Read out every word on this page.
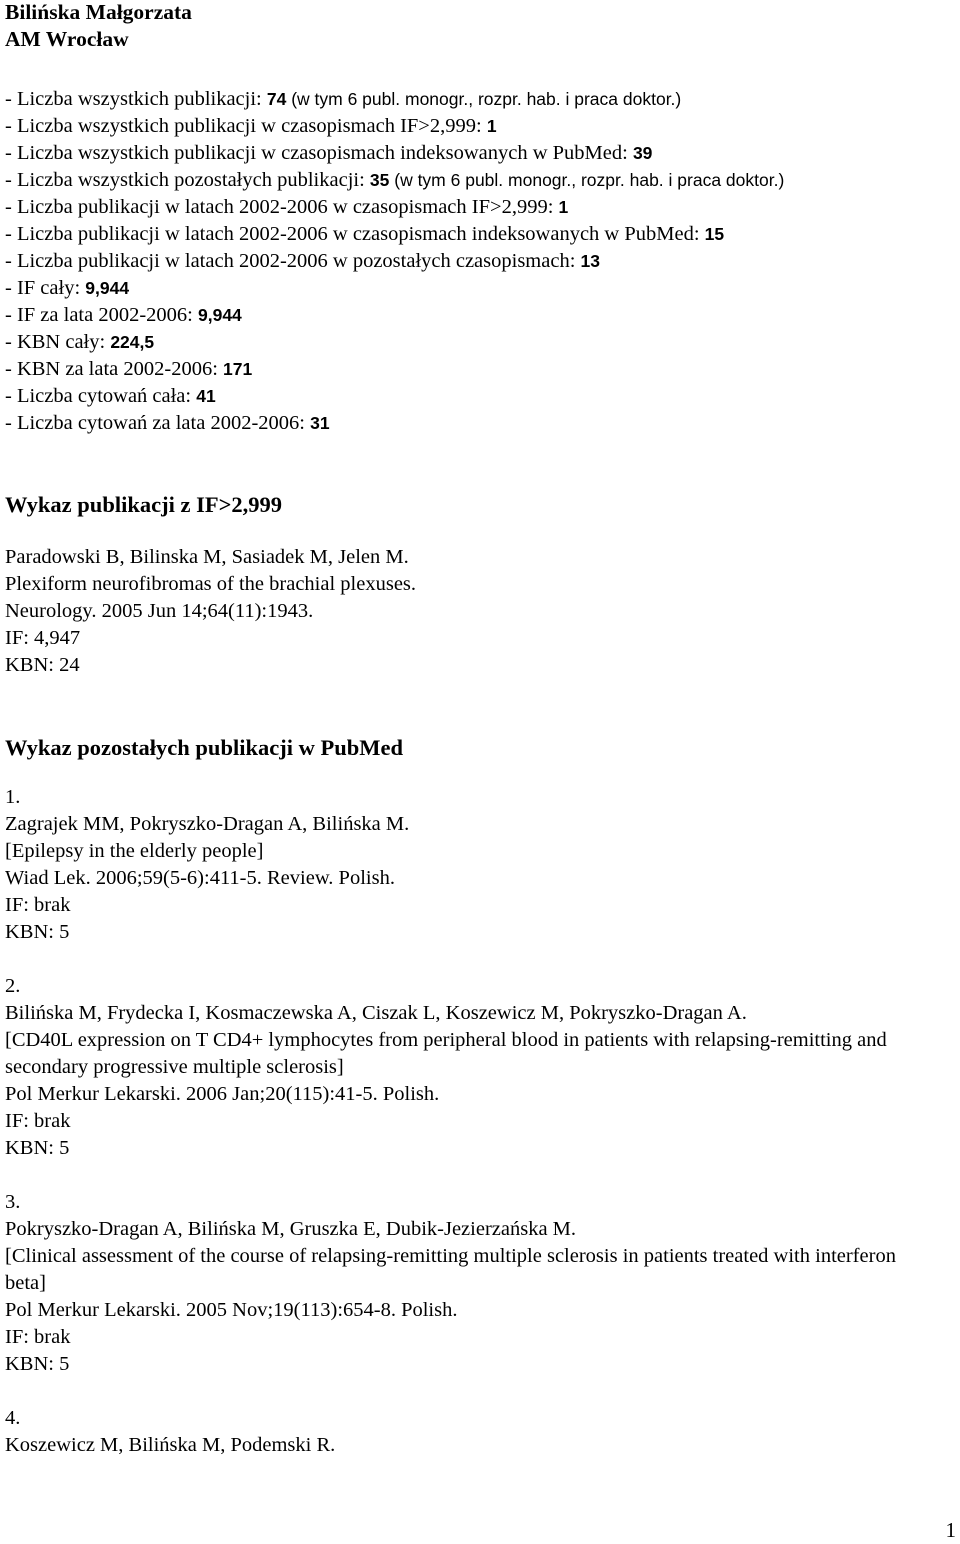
Bilińska Małgorzata
AM Wrocław
- Liczba wszystkich publikacji: 74 (w tym 6 publ. monogr., rozpr. hab. i praca doktor.)
- Liczba wszystkich publikacji w czasopismach IF>2,999: 1
- Liczba wszystkich publikacji w czasopismach indeksowanych w PubMed: 39
- Liczba wszystkich pozostałych publikacji: 35 (w tym 6 publ. monogr., rozpr. hab. i praca doktor.)
- Liczba publikacji w latach 2002-2006 w czasopismach IF>2,999: 1
- Liczba publikacji w latach 2002-2006 w czasopismach indeksowanych w PubMed: 15
- Liczba publikacji w latach 2002-2006 w pozostałych czasopismach: 13
- IF cały: 9,944
- IF za lata 2002-2006: 9,944
- KBN cały: 224,5
- KBN za lata 2002-2006: 171
- Liczba cytowań cała: 41
- Liczba cytowań za lata 2002-2006: 31
Wykaz publikacji z IF>2,999
Paradowski B, Bilinska M, Sasiadek M, Jelen M.
Plexiform neurofibromas of the brachial plexuses.
Neurology. 2005 Jun 14;64(11):1943.
IF: 4,947
KBN: 24
Wykaz pozostałych publikacji w PubMed
1.
Zagrajek MM, Pokryszko-Dragan A, Bilińska M.
[Epilepsy in the elderly people]
Wiad Lek. 2006;59(5-6):411-5. Review. Polish.
IF: brak
KBN: 5
2.
Bilińska M, Frydecka I, Kosmaczewska A, Ciszak L, Koszewicz M, Pokryszko-Dragan A.
[CD40L expression on T CD4+ lymphocytes from peripheral blood in patients with relapsing-remitting and secondary progressive multiple sclerosis]
Pol Merkur Lekarski. 2006 Jan;20(115):41-5. Polish.
IF: brak
KBN: 5
3.
Pokryszko-Dragan A, Bilińska M, Gruszka E, Dubik-Jezierzańska M.
[Clinical assessment of the course of relapsing-remitting multiple sclerosis in patients treated with interferon beta]
Pol Merkur Lekarski. 2005 Nov;19(113):654-8. Polish.
IF: brak
KBN: 5
4.
Koszewicz M, Bilińska M, Podemski R.
1
